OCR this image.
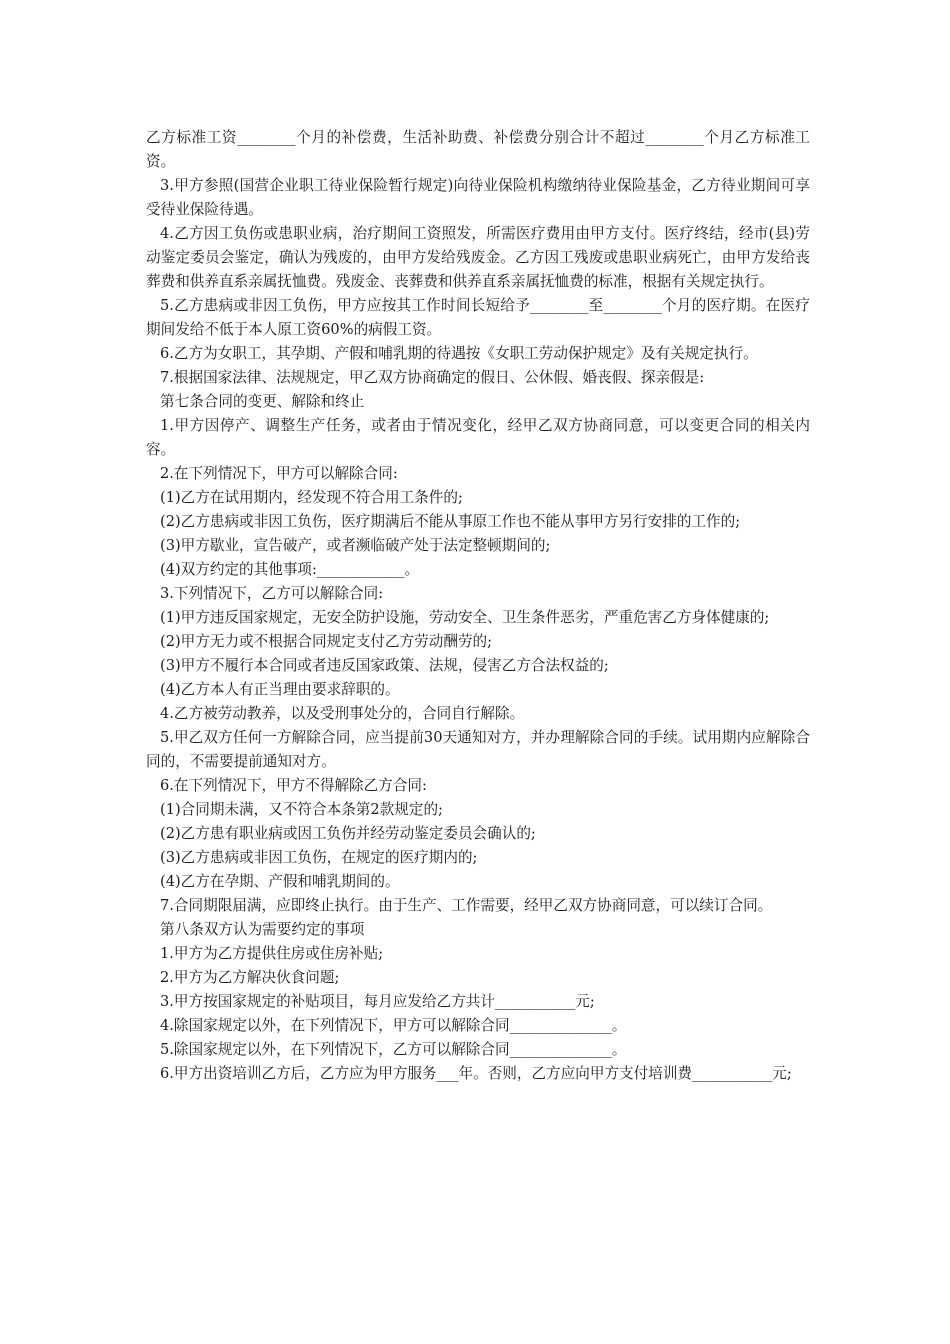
乙方标准工资________个月的补偿费，生活补助费、补偿费分别合计不超过________个月乙方标准工资。

3.甲方参照(国营企业职工待业保险暂行规定)向待业保险机构缴纳待业保险基金，乙方待业期间可享受待业保险待遇。

4.乙方因工负伤或患职业病，治疗期间工资照发，所需医疗费用由甲方支付。医疗终结，经市(县)劳动鉴定委员会鉴定，确认为残废的，由甲方发给残废金。乙方因工残废或患职业病死亡，由甲方发给丧葬费和供养直系亲属抚恤费。残废金、丧葬费和供养直系亲属抚恤费的标准，根据有关规定执行。

5.乙方患病或非因工负伤，甲方应按其工作时间长短给予________至________个月的医疗期。在医疗期间发给不低于本人原工资60%的病假工资。

6.乙方为女职工，其孕期、产假和哺乳期的待遇按《女职工劳动保护规定》及有关规定执行。

7.根据国家法律、法规规定，甲乙双方协商确定的假日、公休假、婚丧假、探亲假是:

第七条合同的变更、解除和终止

1.甲方因停产、调整生产任务，或者由于情况变化，经甲乙双方协商同意，可以变更合同的相关内容。

2.在下列情况下，甲方可以解除合同:

(1)乙方在试用期内，经发现不符合用工条件的;

(2)乙方患病或非因工负伤，医疗期满后不能从事原工作也不能从事甲方另行安排的工作的;

(3)甲方歇业，宣告破产，或者濒临破产处于法定整顿期间的;

(4)双方约定的其他事项:____________。

3.下列情况下，乙方可以解除合同:

(1)甲方违反国家规定，无安全防护设施，劳动安全、卫生条件恶劣，严重危害乙方身体健康的;

(2)甲方无力或不根据合同规定支付乙方劳动酬劳的;

(3)甲方不履行本合同或者违反国家政策、法规，侵害乙方合法权益的;

(4)乙方本人有正当理由要求辞职的。

4.乙方被劳动教养，以及受刑事处分的，合同自行解除。

5.甲乙双方任何一方解除合同，应当提前30天通知对方，并办理解除合同的手续。试用期内应解除合同的，不需要提前通知对方。

6.在下列情况下，甲方不得解除乙方合同:

(1)合同期未满，又不符合本条第2款规定的;

(2)乙方患有职业病或因工负伤并经劳动鉴定委员会确认的;

(3)乙方患病或非因工负伤，在规定的医疗期内的;

(4)乙方在孕期、产假和哺乳期间的。

7.合同期限届满，应即终止执行。由于生产、工作需要，经甲乙双方协商同意，可以续订合同。

第八条双方认为需要约定的事项

1.甲方为乙方提供住房或住房补贴;

2.甲方为乙方解决伙食问题;

3.甲方按国家规定的补贴项目，每月应发给乙方共计___________元;

4.除国家规定以外，在下列情况下，甲方可以解除合同______________。

5.除国家规定以外，在下列情况下，乙方可以解除合同______________。

6.甲方出资培训乙方后，乙方应为甲方服务___年。否则，乙方应向甲方支付培训费___________元;
